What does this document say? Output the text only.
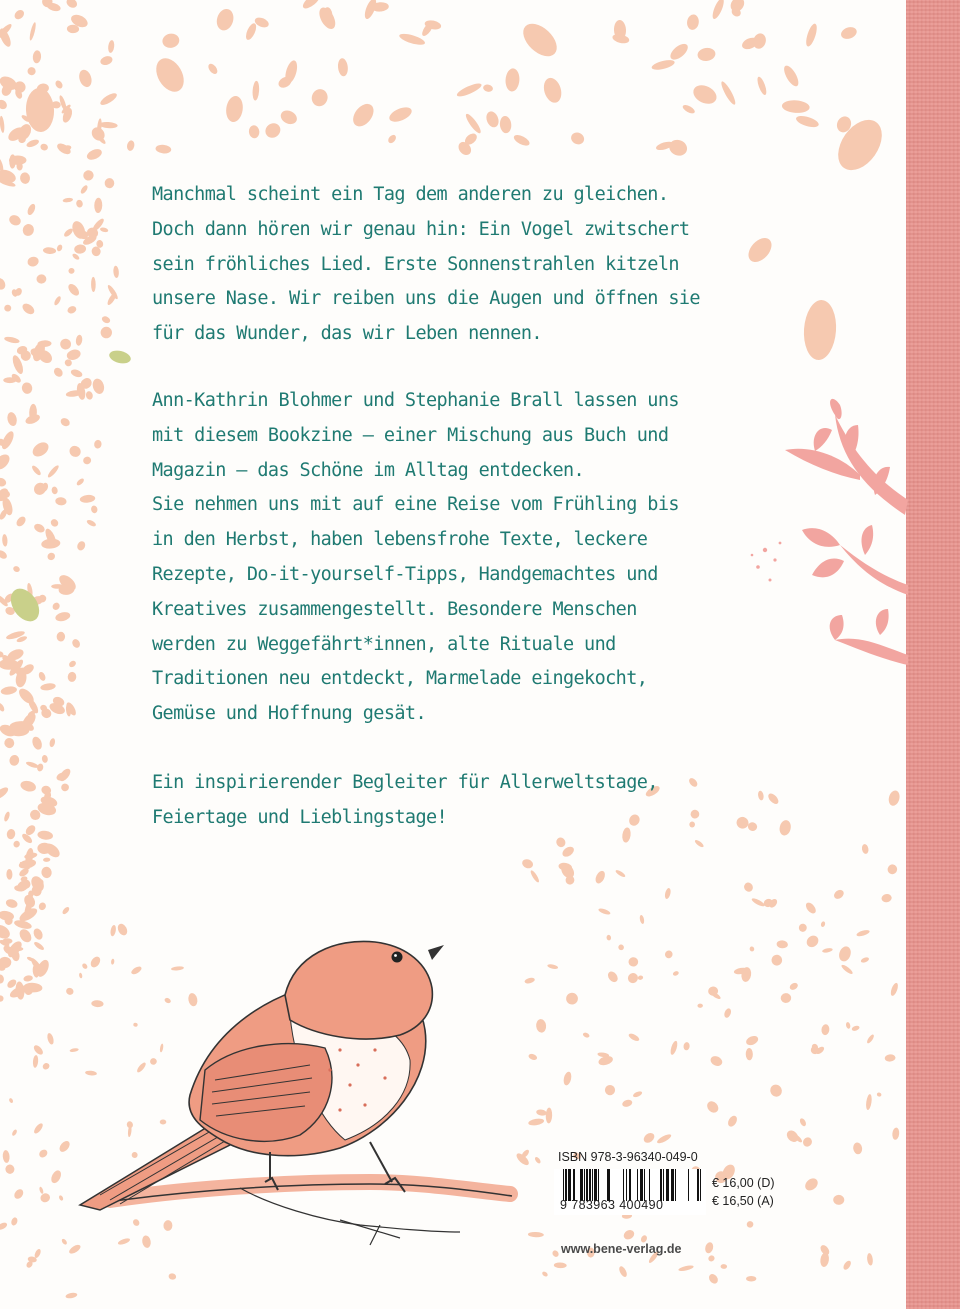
Manchmal scheint ein Tag dem anderen zu gleichen.
Doch dann hören wir genau hin: Ein Vogel zwitschert
sein fröhliches Lied. Erste Sonnenstrahlen kitzeln
unsere Nase. Wir reiben uns die Augen und öffnen sie
für das Wunder, das wir Leben nennen.

Ann-Kathrin Blohmer und Stephanie Brall lassen uns
mit diesem Bookzine – einer Mischung aus Buch und
Magazin – das Schöne im Alltag entdecken.
Sie nehmen uns mit auf eine Reise vom Frühling bis
in den Herbst, haben lebensfrohe Texte, leckere
Rezepte, Do-it-yourself-Tipps, Handgemachtes und
Kreatives zusammengestellt. Besondere Menschen
werden zu Weggefährt*innen, alte Rituale und
Traditionen neu entdeckt, Marmelade eingekocht,
Gemüse und Hoffnung gesät.

Ein inspirierender Begleiter für Allerweltstage,
Feiertage und Lieblingstage!

ISBN 978-3-96340-049-0
9 783963 400490
€ 16,00 (D)
€ 16,50 (A)
www.bene-verlag.de
